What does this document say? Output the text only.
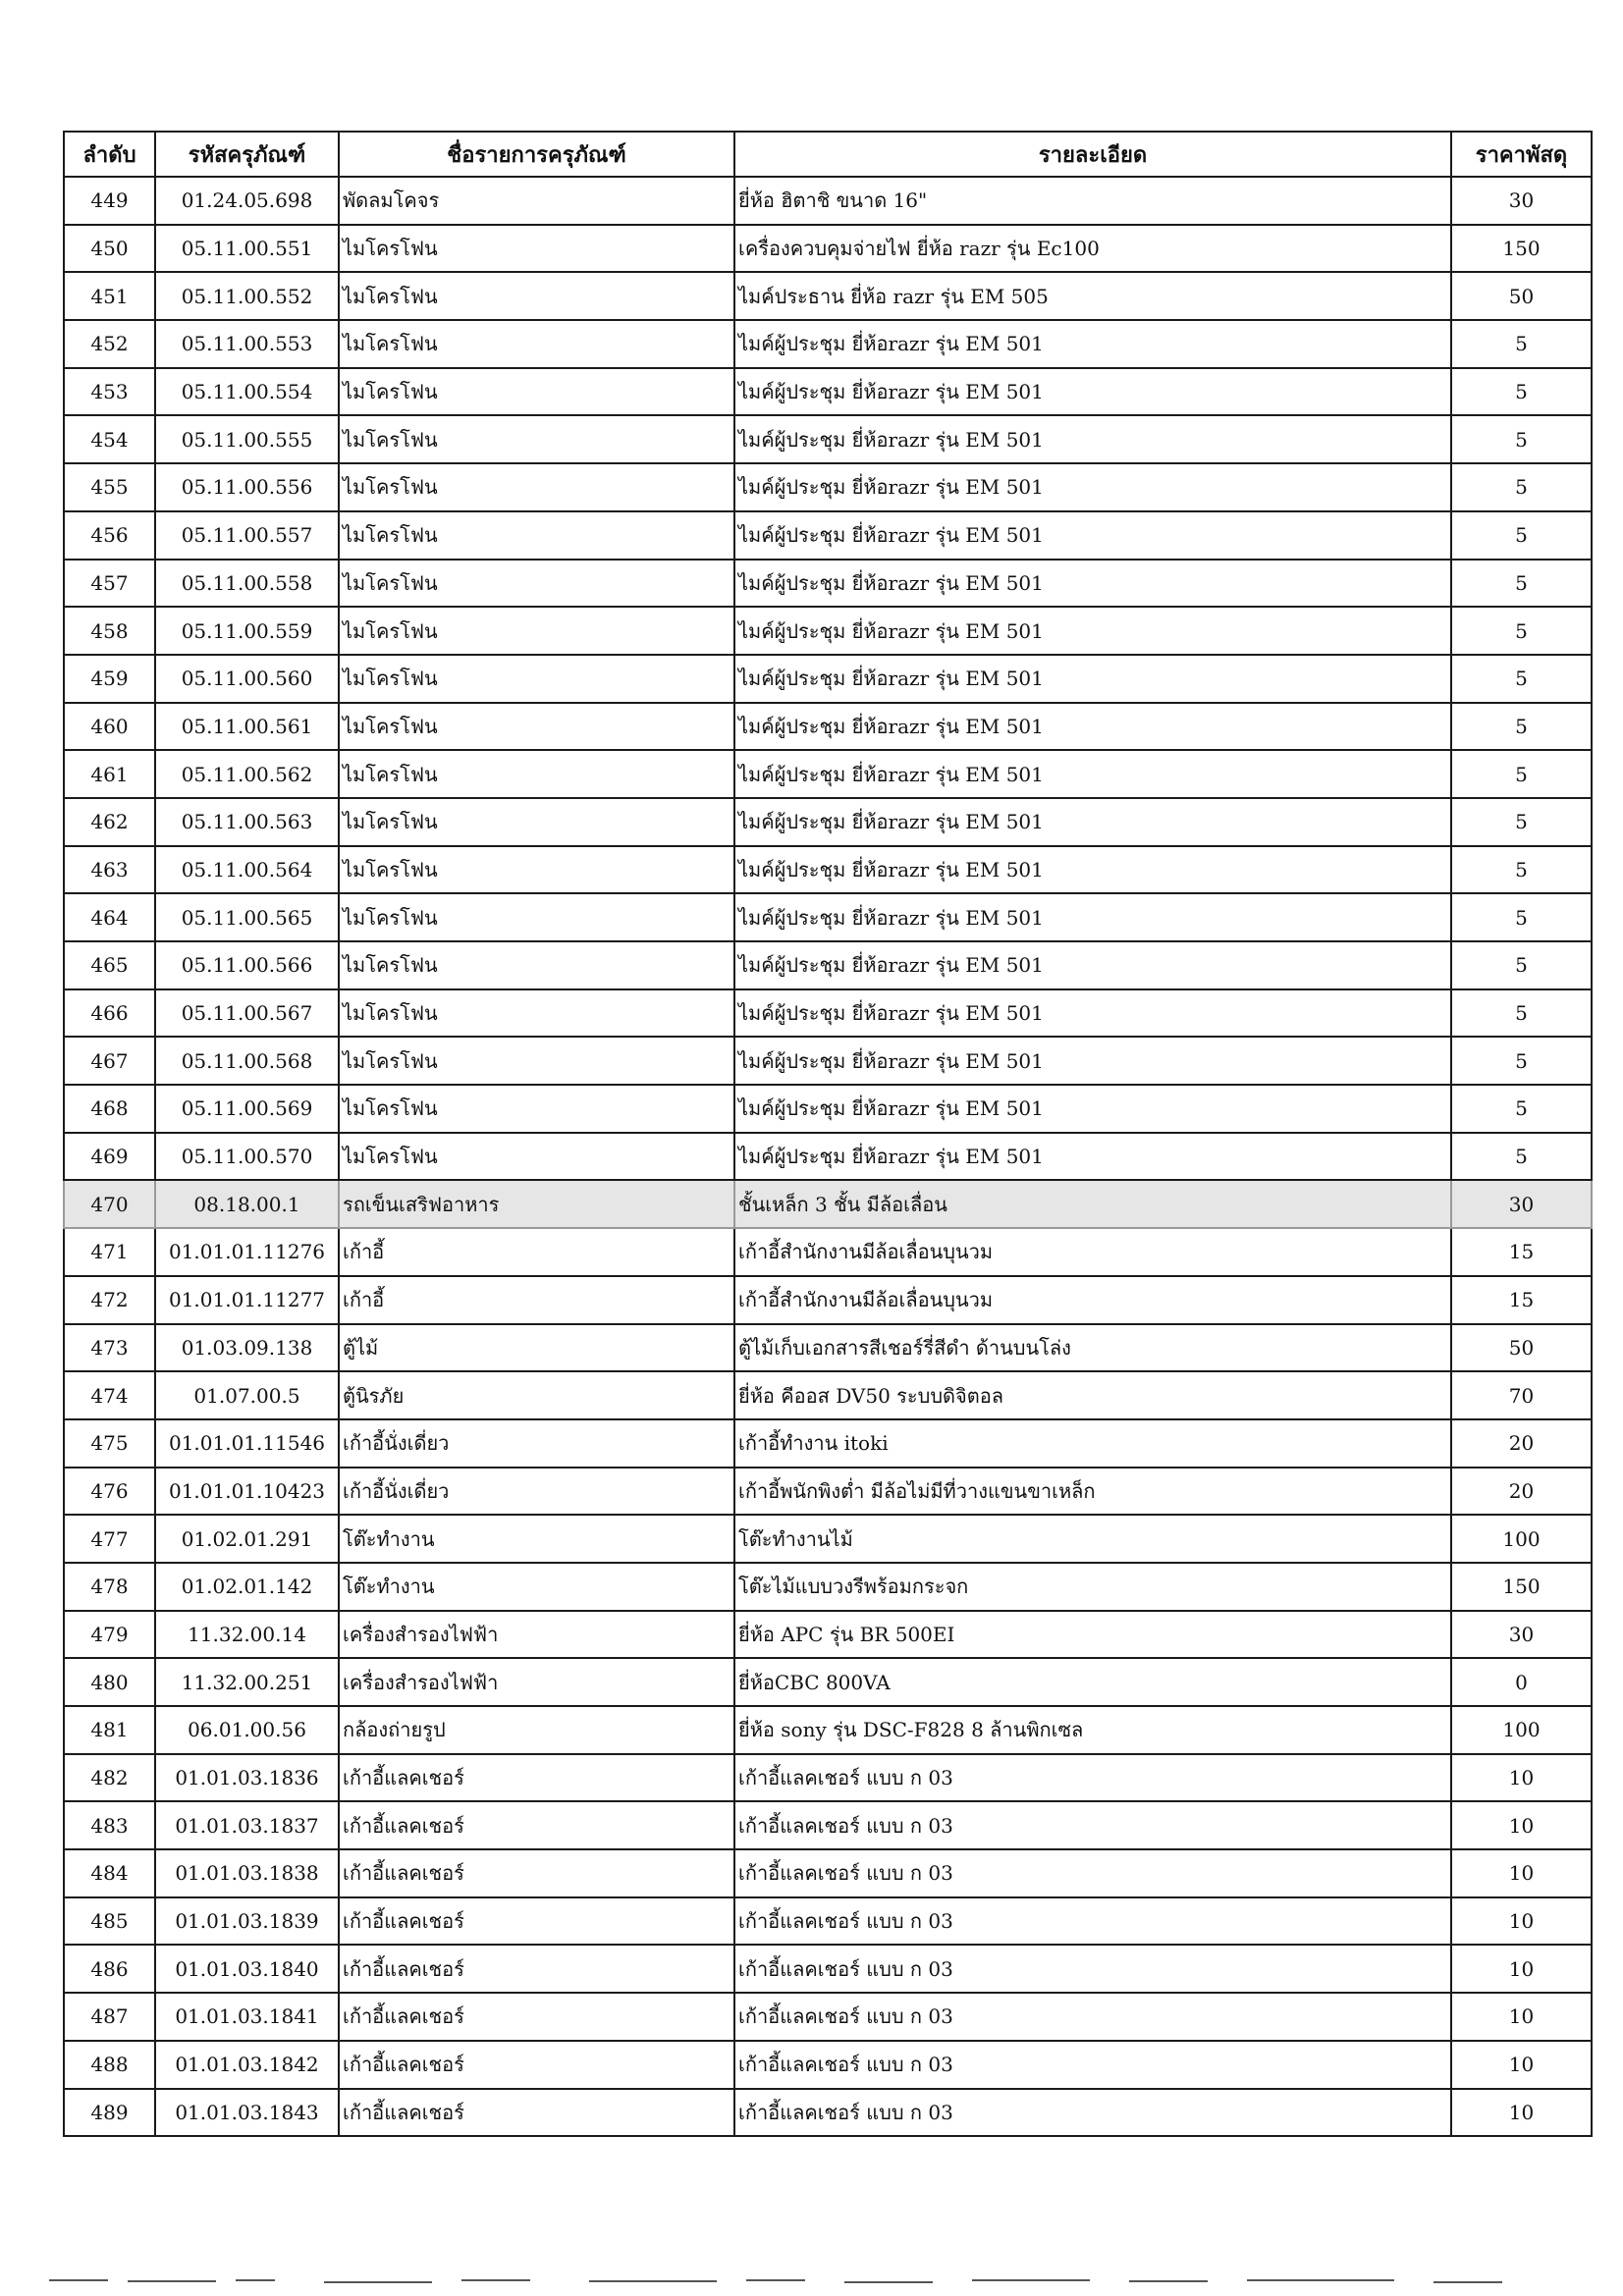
ลำดับ	รหัสครุภัณฑ์	ชื่อรายการครุภัณฑ์	รายละเอียด	ราคาพัสดุ
449	01.24.05.698	พัดลมโคจร	ยี่ห้อ ฮิตาชิ ขนาด 16"	30
450	05.11.00.551	ไมโครโฟน	เครื่องควบคุมจ่ายไฟ ยี่ห้อ razr รุ่น Ec100	150
451	05.11.00.552	ไมโครโฟน	ไมค์ประธาน ยี่ห้อ razr รุ่น EM 505	50
452	05.11.00.553	ไมโครโฟน	ไมค์ผู้ประชุม ยี่ห้อrazr รุ่น EM 501	5
453	05.11.00.554	ไมโครโฟน	ไมค์ผู้ประชุม ยี่ห้อrazr รุ่น EM 501	5
454	05.11.00.555	ไมโครโฟน	ไมค์ผู้ประชุม ยี่ห้อrazr รุ่น EM 501	5
455	05.11.00.556	ไมโครโฟน	ไมค์ผู้ประชุม ยี่ห้อrazr รุ่น EM 501	5
456	05.11.00.557	ไมโครโฟน	ไมค์ผู้ประชุม ยี่ห้อrazr รุ่น EM 501	5
457	05.11.00.558	ไมโครโฟน	ไมค์ผู้ประชุม ยี่ห้อrazr รุ่น EM 501	5
458	05.11.00.559	ไมโครโฟน	ไมค์ผู้ประชุม ยี่ห้อrazr รุ่น EM 501	5
459	05.11.00.560	ไมโครโฟน	ไมค์ผู้ประชุม ยี่ห้อrazr รุ่น EM 501	5
460	05.11.00.561	ไมโครโฟน	ไมค์ผู้ประชุม ยี่ห้อrazr รุ่น EM 501	5
461	05.11.00.562	ไมโครโฟน	ไมค์ผู้ประชุม ยี่ห้อrazr รุ่น EM 501	5
462	05.11.00.563	ไมโครโฟน	ไมค์ผู้ประชุม ยี่ห้อrazr รุ่น EM 501	5
463	05.11.00.564	ไมโครโฟน	ไมค์ผู้ประชุม ยี่ห้อrazr รุ่น EM 501	5
464	05.11.00.565	ไมโครโฟน	ไมค์ผู้ประชุม ยี่ห้อrazr รุ่น EM 501	5
465	05.11.00.566	ไมโครโฟน	ไมค์ผู้ประชุม ยี่ห้อrazr รุ่น EM 501	5
466	05.11.00.567	ไมโครโฟน	ไมค์ผู้ประชุม ยี่ห้อrazr รุ่น EM 501	5
467	05.11.00.568	ไมโครโฟน	ไมค์ผู้ประชุม ยี่ห้อrazr รุ่น EM 501	5
468	05.11.00.569	ไมโครโฟน	ไมค์ผู้ประชุม ยี่ห้อrazr รุ่น EM 501	5
469	05.11.00.570	ไมโครโฟน	ไมค์ผู้ประชุม ยี่ห้อrazr รุ่น EM 501	5
470	08.18.00.1	รถเข็นเสริฟอาหาร	ชั้นเหล็ก 3 ชั้น มีล้อเลื่อน	30
471	01.01.01.11276	เก้าอี้	เก้าอี้สำนักงานมีล้อเลื่อนบุนวม	15
472	01.01.01.11277	เก้าอี้	เก้าอี้สำนักงานมีล้อเลื่อนบุนวม	15
473	01.03.09.138	ตู้ไม้	ตู้ไม้เก็บเอกสารสีเชอร์รี่สีดำ ด้านบนโล่ง	50
474	01.07.00.5	ตู้นิรภัย	ยี่ห้อ คีออส DV50 ระบบดิจิตอล	70
475	01.01.01.11546	เก้าอี้นั่งเดี่ยว	เก้าอี้ทำงาน itoki	20
476	01.01.01.10423	เก้าอี้นั่งเดี่ยว	เก้าอี้พนักพิงต่ำ มีล้อไม่มีที่วางแขนขาเหล็ก	20
477	01.02.01.291	โต๊ะทำงาน	โต๊ะทำงานไม้	100
478	01.02.01.142	โต๊ะทำงาน	โต๊ะไม้แบบวงรีพร้อมกระจก	150
479	11.32.00.14	เครื่องสำรองไฟฟ้า	ยี่ห้อ APC รุ่น BR 500EI	30
480	11.32.00.251	เครื่องสำรองไฟฟ้า	ยี่ห้อCBC 800VA	0
481	06.01.00.56	กล้องถ่ายรูป	ยี่ห้อ sony รุ่น DSC-F828 8 ล้านพิกเซล	100
482	01.01.03.1836	เก้าอี้แลคเชอร์	เก้าอี้แลคเชอร์ แบบ ก 03	10
483	01.01.03.1837	เก้าอี้แลคเชอร์	เก้าอี้แลคเชอร์ แบบ ก 03	10
484	01.01.03.1838	เก้าอี้แลคเชอร์	เก้าอี้แลคเชอร์ แบบ ก 03	10
485	01.01.03.1839	เก้าอี้แลคเชอร์	เก้าอี้แลคเชอร์ แบบ ก 03	10
486	01.01.03.1840	เก้าอี้แลคเชอร์	เก้าอี้แลคเชอร์ แบบ ก 03	10
487	01.01.03.1841	เก้าอี้แลคเชอร์	เก้าอี้แลคเชอร์ แบบ ก 03	10
488	01.01.03.1842	เก้าอี้แลคเชอร์	เก้าอี้แลคเชอร์ แบบ ก 03	10
489	01.01.03.1843	เก้าอี้แลคเชอร์	เก้าอี้แลคเชอร์ แบบ ก 03	10
